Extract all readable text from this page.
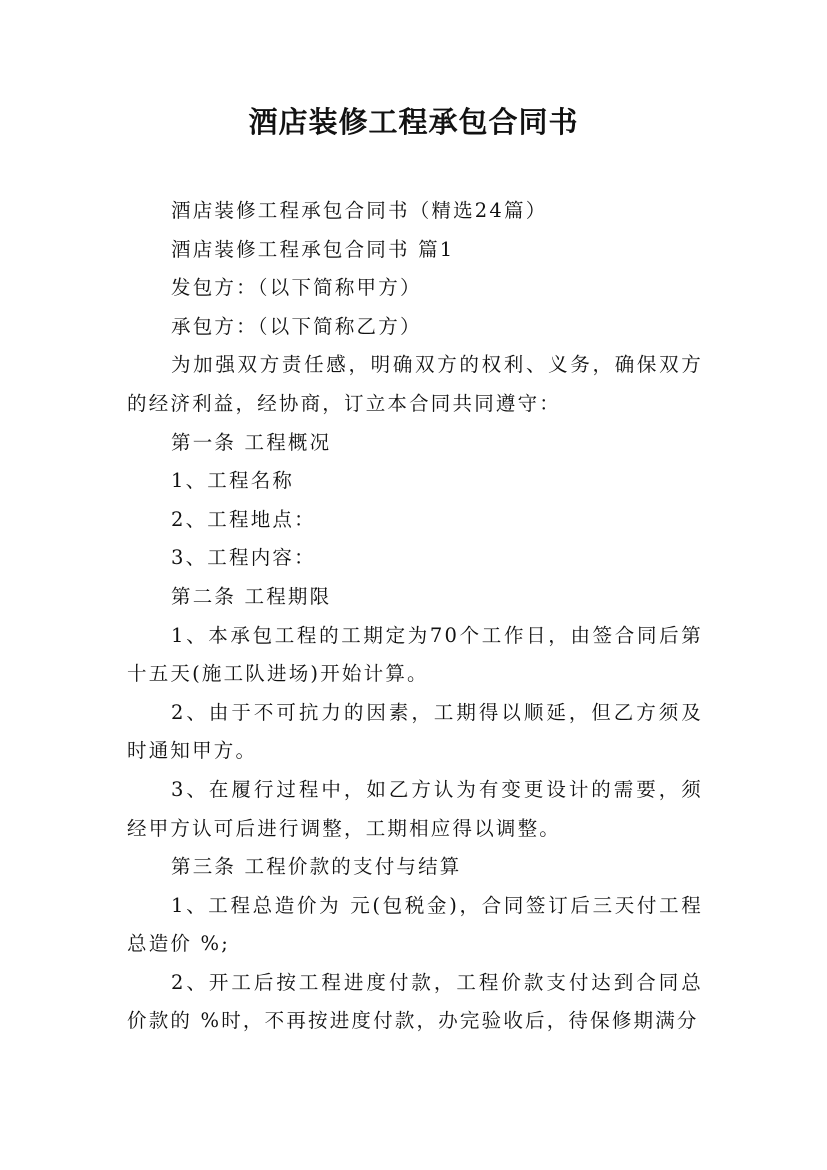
酒店装修工程承包合同书

酒店装修工程承包合同书（精选24篇）

酒店装修工程承包合同书 篇1

发包方：（以下简称甲方）

承包方：（以下简称乙方）

为加强双方责任感，明确双方的权利、义务，确保双方的经济利益，经协商，订立本合同共同遵守：

第一条 工程概况

1、工程名称

2、工程地点：

3、工程内容：

第二条 工程期限

1、本承包工程的工期定为70个工作日，由签合同后第十五天(施工队进场)开始计算。

2、由于不可抗力的因素，工期得以顺延，但乙方须及时通知甲方。

3、在履行过程中，如乙方认为有变更设计的需要，须经甲方认可后进行调整，工期相应得以调整。

第三条 工程价款的支付与结算

1、工程总造价为 元(包税金)，合同签订后三天付工程总造价 %;

2、开工后按工程进度付款，工程价款支付达到合同总价款的 %时，不再按进度付款，办完验收后，待保修期满分
